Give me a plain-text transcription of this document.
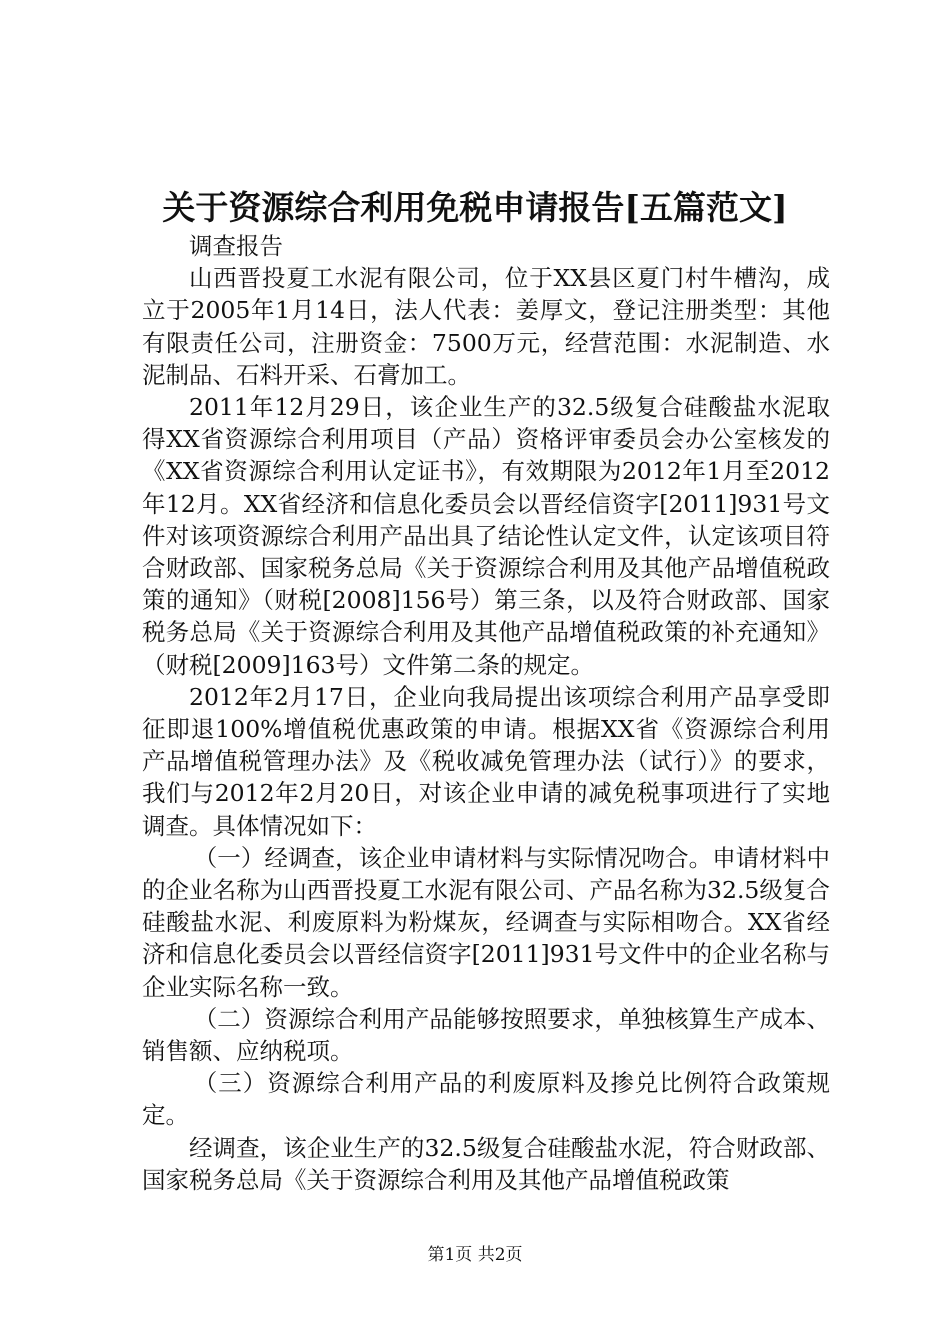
关于资源综合利用免税申请报告[五篇范文]

调查报告

山西晋投夏工水泥有限公司，位于XX县区夏门村牛槽沟，成立于2005年1月14日，法人代表：姜厚文，登记注册类型：其他有限责任公司，注册资金：7500万元，经营范围：水泥制造、水泥制品、石料开采、石膏加工。

2011年12月29日，该企业生产的32.5级复合硅酸盐水泥取得XX省资源综合利用项目（产品）资格评审委员会办公室核发的《XX省资源综合利用认定证书》，有效期限为2012年1月至2012年12月。XX省经济和信息化委员会以晋经信资字[2011]931号文件对该项资源综合利用产品出具了结论性认定文件，认定该项目符合财政部、国家税务总局《关于资源综合利用及其他产品增值税政策的通知》（财税[2008]156号）第三条，以及符合财政部、国家税务总局《关于资源综合利用及其他产品增值税政策的补充通知》（财税[2009]163号）文件第二条的规定。

2012年2月17日，企业向我局提出该项综合利用产品享受即征即退100%增值税优惠政策的申请。根据XX省《资源综合利用产品增值税管理办法》及《税收减免管理办法（试行）》的要求，我们与2012年2月20日，对该企业申请的减免税事项进行了实地调查。具体情况如下：

（一）经调查，该企业申请材料与实际情况吻合。申请材料中的企业名称为山西晋投夏工水泥有限公司、产品名称为32.5级复合硅酸盐水泥、利废原料为粉煤灰，经调查与实际相吻合。XX省经济和信息化委员会以晋经信资字[2011]931号文件中的企业名称与企业实际名称一致。

（二）资源综合利用产品能够按照要求，单独核算生产成本、销售额、应纳税项。

（三）资源综合利用产品的利废原料及掺兑比例符合政策规定。

经调查，该企业生产的32.5级复合硅酸盐水泥，符合财政部、国家税务总局《关于资源综合利用及其他产品增值税政策

第1页 共2页
